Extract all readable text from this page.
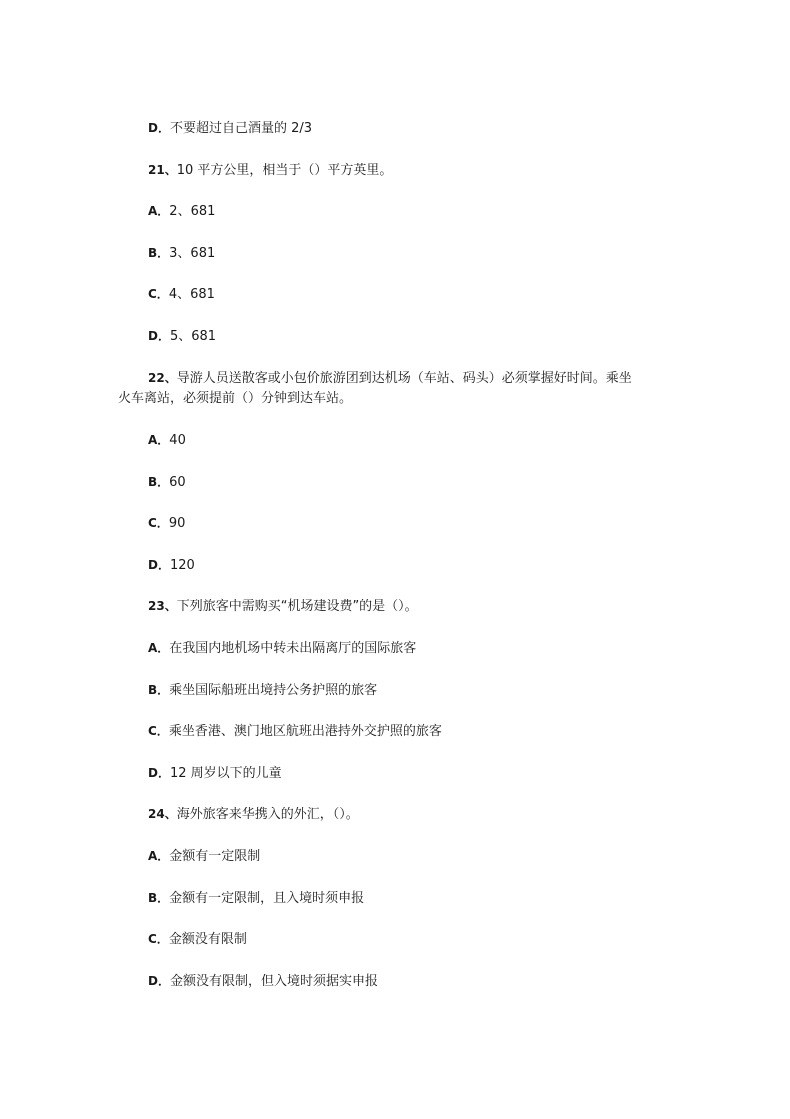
D．不要超过自己酒量的 2/3
21、10 平方公里，相当于（）平方英里。
A．2、681
B．3、681
C．4、681
D．5、681
22、导游人员送散客或小包价旅游团到达机场（车站、码头）必须掌握好时间。乘坐
火车离站，必须提前（）分钟到达车站。
A．40
B．60
C．90
D．120
23、下列旅客中需购买“机场建设费”的是（）。
A．在我国内地机场中转未出隔离厅的国际旅客
B．乘坐国际船班出境持公务护照的旅客
C．乘坐香港、澳门地区航班出港持外交护照的旅客
D．12 周岁以下的儿童
24、海外旅客来华携入的外汇，（）。
A．金额有一定限制
B．金额有一定限制，且入境时须申报
C．金额没有限制
D．金额没有限制，但入境时须据实申报
